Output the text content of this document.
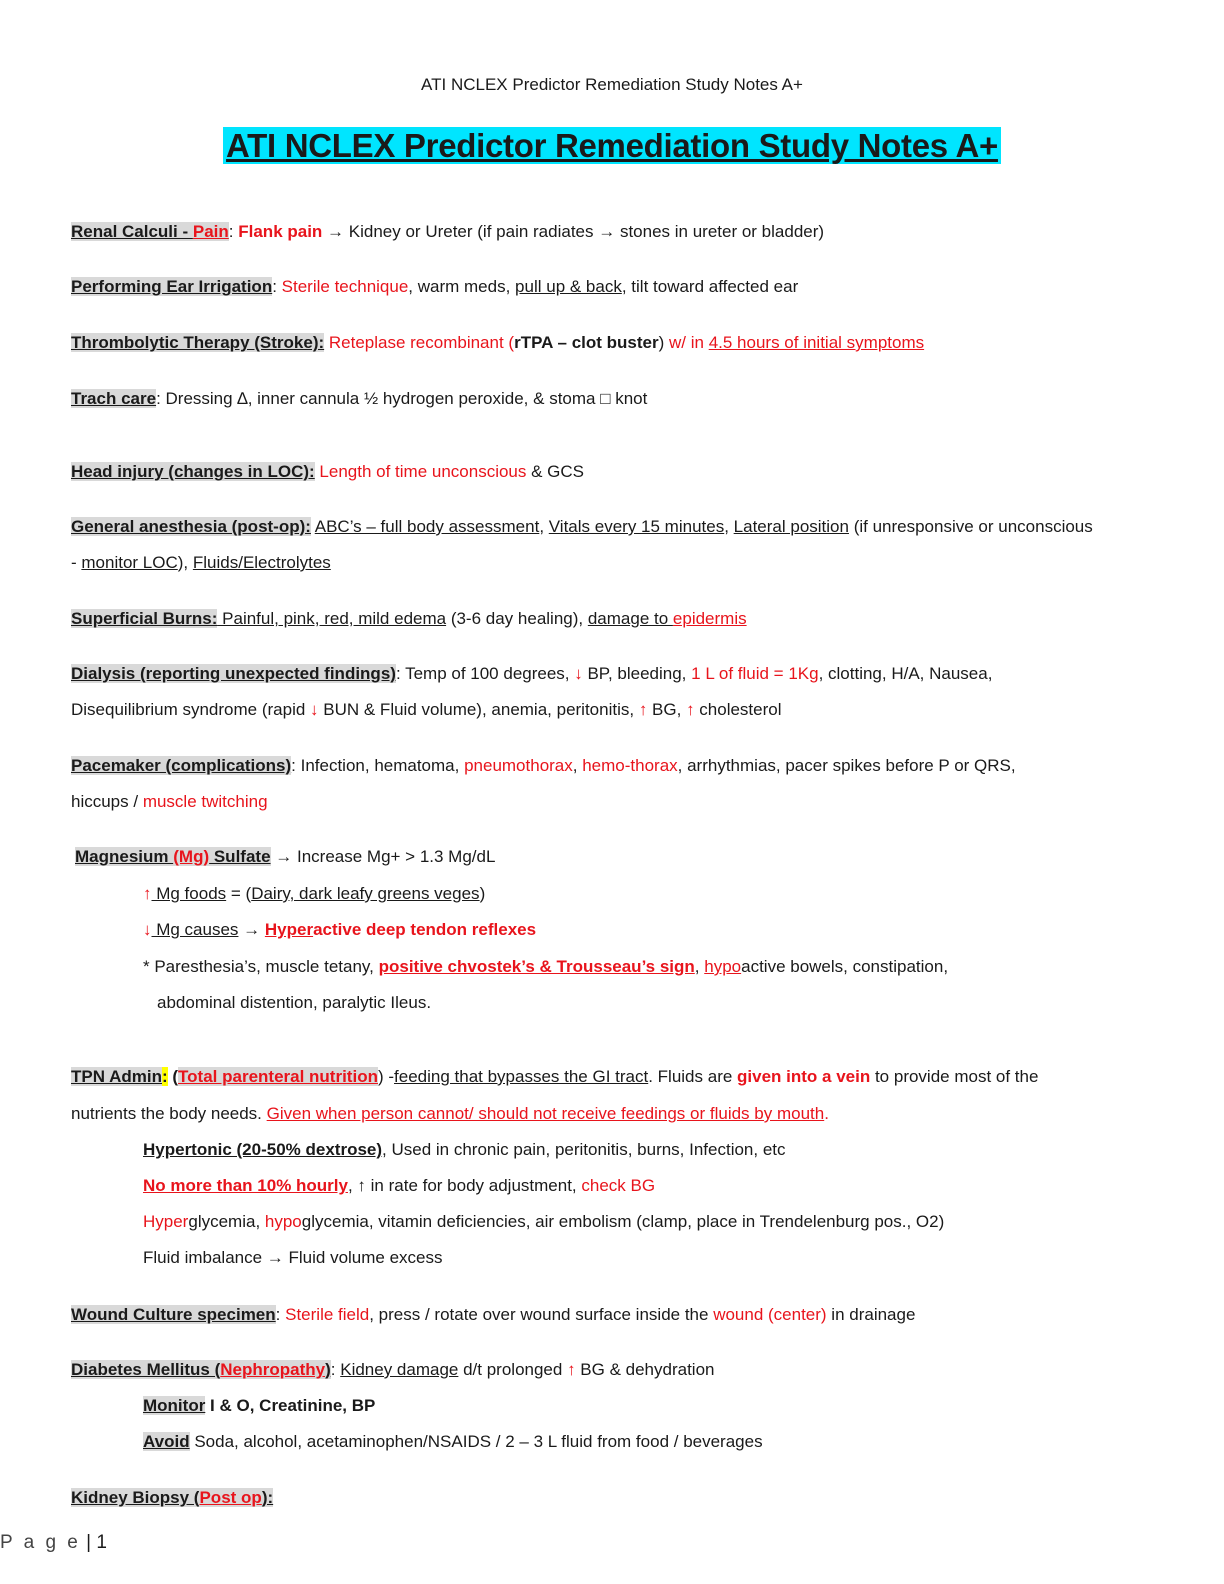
ATI NCLEX Predictor Remediation Study Notes A+
ATI NCLEX Predictor Remediation Study Notes A+
Renal Calculi - Pain: Flank pain → Kidney or Ureter (if pain radiates → stones in ureter or bladder)
Performing Ear Irrigation: Sterile technique, warm meds, pull up & back, tilt toward affected ear
Thrombolytic Therapy (Stroke): Reteplase recombinant (rTPA – clot buster) w/ in 4.5 hours of initial symptoms
Trach care: Dressing ∆, inner cannula ½ hydrogen peroxide, & stoma □ knot
Head injury (changes in LOC): Length of time unconscious & GCS
General anesthesia (post-op): ABC’s – full body assessment, Vitals every 15 minutes, Lateral position (if unresponsive or unconscious
- monitor LOC), Fluids/Electrolytes
Superficial Burns: Painful, pink, red, mild edema (3-6 day healing), damage to epidermis
Dialysis (reporting unexpected findings): Temp of 100 degrees, ↓ BP, bleeding, 1 L of fluid = 1Kg, clotting, H/A, Nausea,
Disequilibrium syndrome (rapid ↓ BUN & Fluid volume), anemia, peritonitis, ↑ BG, ↑ cholesterol
Pacemaker (complications): Infection, hematoma, pneumothorax, hemo-thorax, arrhythmias, pacer spikes before P or QRS,
hiccups / muscle twitching
Magnesium (Mg) Sulfate → Increase Mg+ > 1.3 Mg/dL
↑ Mg foods = (Dairy, dark leafy greens veges)
↓ Mg causes → Hyperactive deep tendon reflexes
* Paresthesia’s, muscle tetany, positive chvostek’s & Trousseau’s sign, hypoactive bowels, constipation,
abdominal distention, paralytic Ileus.
TPN Admin: (Total parenteral nutrition) -feeding that bypasses the GI tract. Fluids are given into a vein to provide most of the
nutrients the body needs. Given when person cannot/ should not receive feedings or fluids by mouth.
Hypertonic (20-50% dextrose), Used in chronic pain, peritonitis, burns, Infection, etc
No more than 10% hourly, ↑ in rate for body adjustment, check BG
Hyperglycemia, hypoglycemia, vitamin deficiencies, air embolism (clamp, place in Trendelenburg pos., O2)
Fluid imbalance → Fluid volume excess
Wound Culture specimen: Sterile field, press / rotate over wound surface inside the wound (center) in drainage
Diabetes Mellitus (Nephropathy): Kidney damage d/t prolonged ↑ BG & dehydration
Monitor I & O, Creatinine, BP
Avoid Soda, alcohol, acetaminophen/NSAIDS / 2 – 3 L fluid from food / beverages
Kidney Biopsy (Post op):
P a g e | 1
